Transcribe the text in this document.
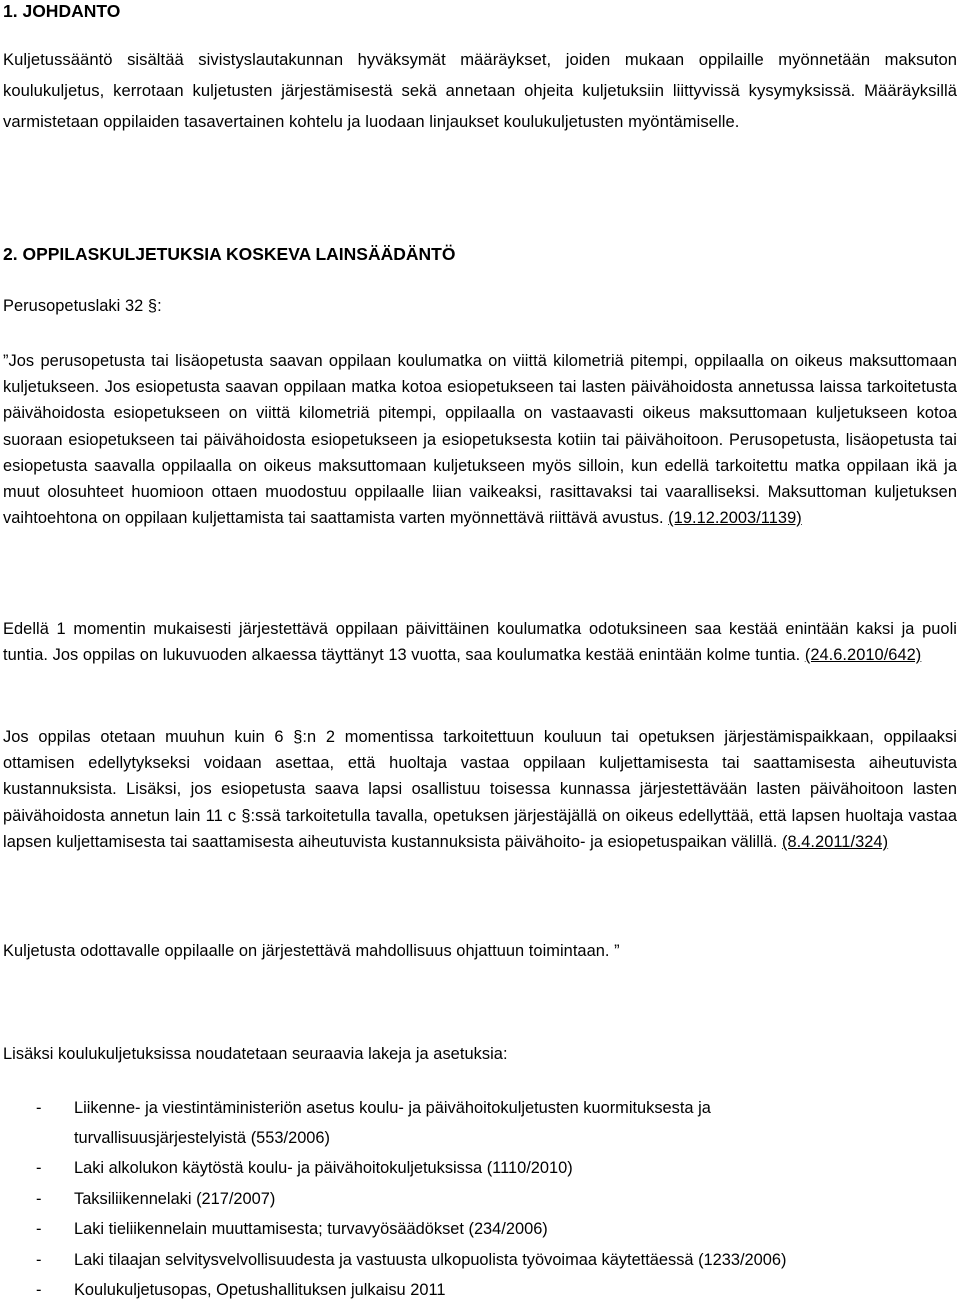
1. JOHDANTO

Kuljetussääntö sisältää sivistyslautakunnan hyväksymät määräykset, joiden mukaan oppilaille myönnetään maksuton koulukuljetus, kerrotaan kuljetusten järjestämisestä sekä annetaan ohjeita kuljetuksiin liittyvissä kysymyksissä. Määräyksillä varmistetaan oppilaiden tasavertainen kohtelu ja luodaan linjaukset koulukuljetusten myöntämiselle.

2. OPPILASKULJETUKSIA KOSKEVA LAINSÄÄDÄNTÖ

Perusopetuslaki 32 §:

”Jos perusopetusta tai lisäopetusta saavan oppilaan koulumatka on viittä kilometriä pitempi, oppilaalla on oikeus maksuttomaan kuljetukseen. Jos esiopetusta saavan oppilaan matka kotoa esiopetukseen tai lasten päivähoidosta annetussa laissa tarkoitetusta päivähoidosta esiopetukseen on viittä kilometriä pitempi, oppilaalla on vastaavasti oikeus maksuttomaan kuljetukseen kotoa suoraan esiopetukseen tai päivähoidosta esiopetukseen ja esiopetuksesta kotiin tai päivähoitoon. Perusopetusta, lisäopetusta tai esiopetusta saavalla oppilaalla on oikeus maksuttomaan kuljetukseen myös silloin, kun edellä tarkoitettu matka oppilaan ikä ja muut olosuhteet huomioon ottaen muodostuu oppilaalle liian vaikeaksi, rasittavaksi tai vaaralliseksi. Maksuttoman kuljetuksen vaihtoehtona on oppilaan kuljettamista tai saattamista varten myönnettävä riittävä avustus. (19.12.2003/1139)

Edellä 1 momentin mukaisesti järjestettävä oppilaan päivittäinen koulumatka odotuksineen saa kestää enintään kaksi ja puoli tuntia. Jos oppilas on lukuvuoden alkaessa täyttänyt 13 vuotta, saa koulumatka kestää enintään kolme tuntia. (24.6.2010/642)

Jos oppilas otetaan muuhun kuin 6 §:n 2 momentissa tarkoitettuun kouluun tai opetuksen järjestämispaikkaan, oppilaaksi ottamisen edellytykseksi voidaan asettaa, että huoltaja vastaa oppilaan kuljettamisesta tai saattamisesta aiheutuvista kustannuksista. Lisäksi, jos esiopetusta saava lapsi osallistuu toisessa kunnassa järjestettävään lasten päivähoitoon lasten päivähoidosta annetun lain 11 c §:ssä tarkoitetulla tavalla, opetuksen järjestäjällä on oikeus edellyttää, että lapsen huoltaja vastaa lapsen kuljettamisesta tai saattamisesta aiheutuvista kustannuksista päivähoito- ja esiopetuspaikan välillä. (8.4.2011/324)

Kuljetusta odottavalle oppilaalle on järjestettävä mahdollisuus ohjattuun toimintaan. ”

Lisäksi koulukuljetuksissa noudatetaan seuraavia lakeja ja asetuksia:

- Liikenne- ja viestintäministeriön asetus koulu- ja päivähoitokuljetusten kuormituksesta ja
turvallisuusjärjestelyistä (553/2006)
- Laki alkolukon käytöstä koulu- ja päivähoitokuljetuksissa (1110/2010)
- Taksiliikennelaki (217/2007)
- Laki tieliikennelain muuttamisesta; turvavyösäädökset (234/2006)
- Laki tilaajan selvitysvelvollisuudesta ja vastuusta ulkopuolista työvoimaa käytettäessä (1233/2006)
- Koulukuljetusopas, Opetushallituksen julkaisu 2011
